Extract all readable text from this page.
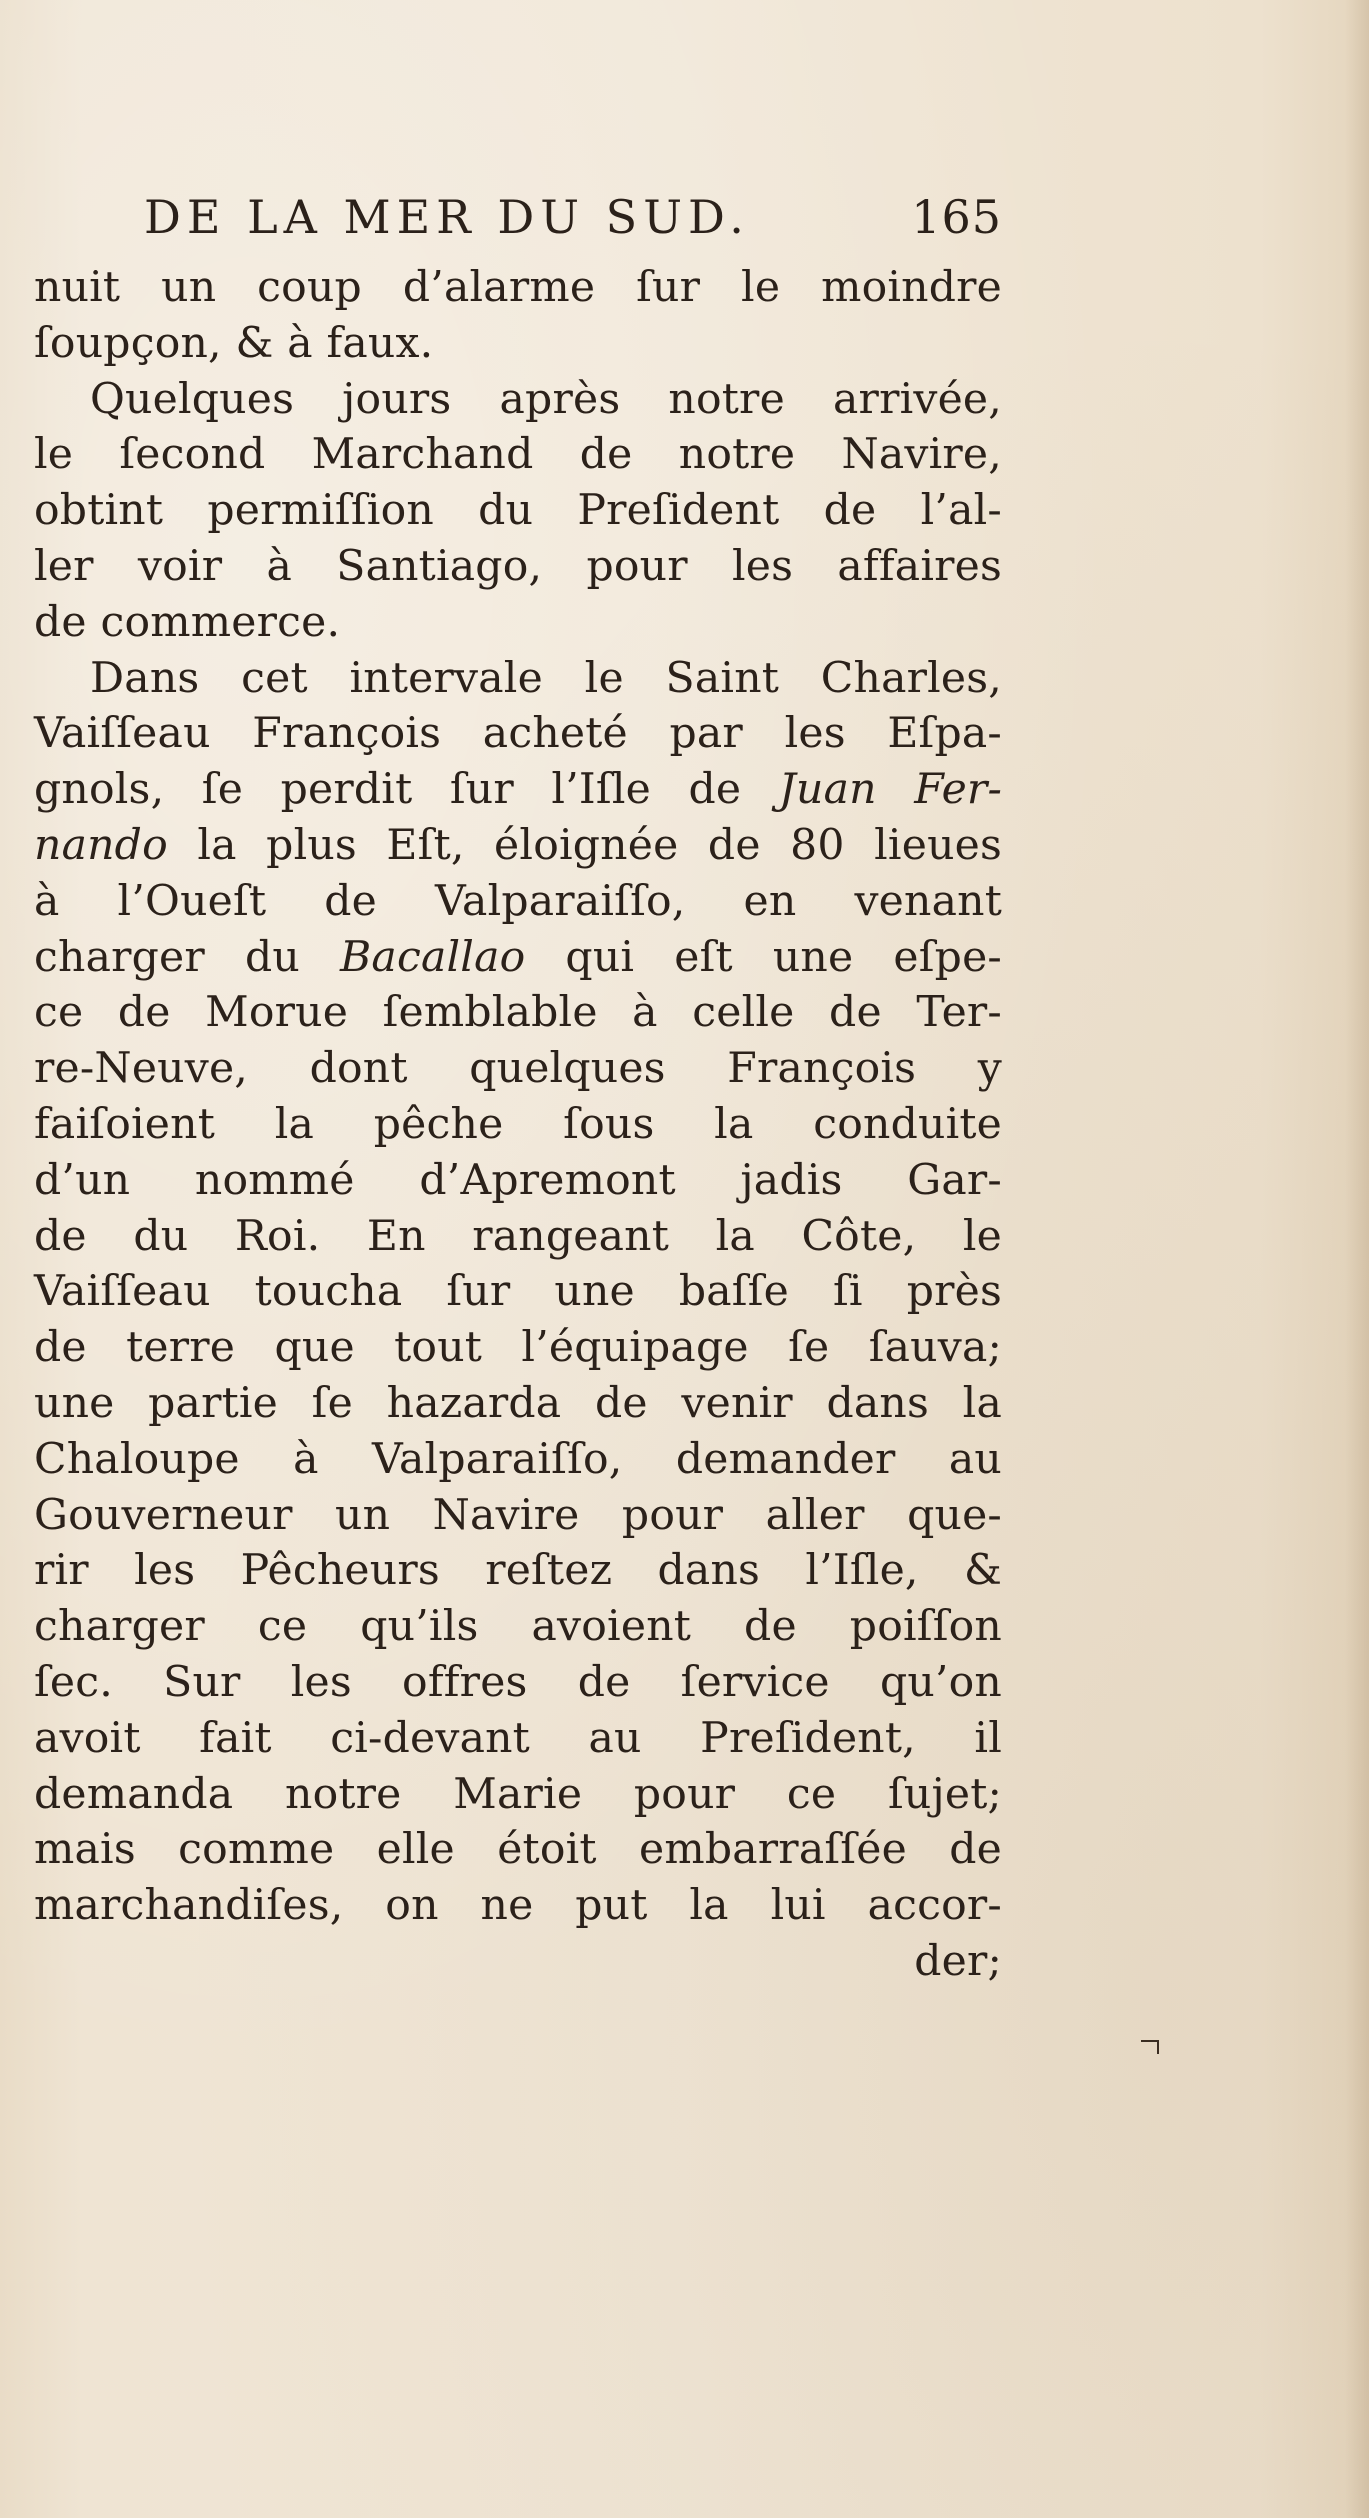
DE LA MER DU SUD.	165
nuit un coup d’alarme ſur le moindre
ſoupçon, & à faux.
Quelques jours après notre arrivée,
le ſecond Marchand de notre Navire,
obtint permiſſion du Preſident de l’al-
ler voir à Santiago, pour les affaires
de commerce.
Dans cet intervale le Saint Charles,
Vaiſſeau François acheté par les Eſpa-
gnols, ſe perdit ſur l’Iſle de Juan Fer-
nando la plus Eſt, éloignée de 80 lieues
à l’Oueſt de Valparaiſſo, en venant
charger du Bacallao qui eſt une eſpe-
ce de Morue ſemblable à celle de Ter-
re-Neuve, dont quelques François y
faiſoient la pêche ſous la conduite
d’un nommé d’Apremont jadis Gar-
de du Roi. En rangeant la Côte, le
Vaiſſeau toucha ſur une baſſe ſi près
de terre que tout l’équipage ſe ſauva;
une partie ſe hazarda de venir dans la
Chaloupe à Valparaiſſo, demander au
Gouverneur un Navire pour aller que-
rir les Pêcheurs reſtez dans l’Iſle, &
charger ce qu’ils avoient de poiſſon
ſec. Sur les offres de ſervice qu’on
avoit fait ci-devant au Preſident, il
demanda notre Marie pour ce ſujet;
mais comme elle étoit embarraſſée de
marchandiſes, on ne put la lui accor-
der;
